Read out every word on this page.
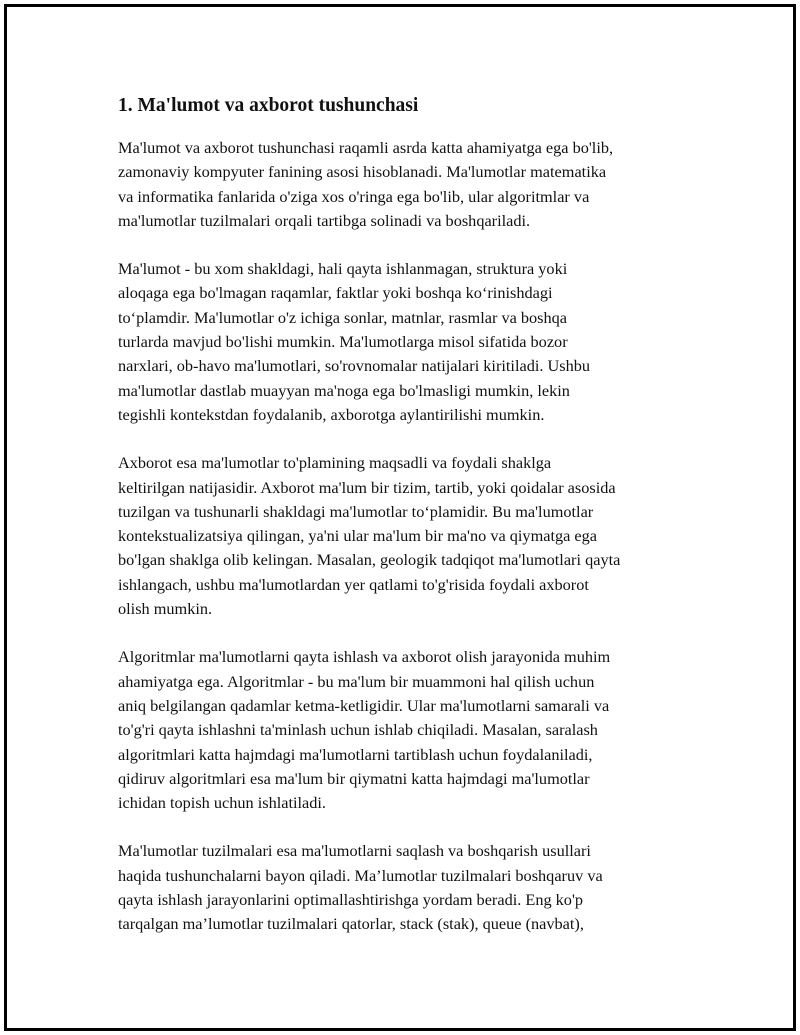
1. Ma'lumot va axborot tushunchasi

Ma'lumot va axborot tushunchasi raqamli asrda katta ahamiyatga ega bo'lib,
zamonaviy kompyuter fanining asosi hisoblanadi. Ma'lumotlar matematika
va informatika fanlarida o'ziga xos o'ringa ega bo'lib, ular algoritmlar va
ma'lumotlar tuzilmalari orqali tartibga solinadi va boshqariladi.

Ma'lumot - bu xom shakldagi, hali qayta ishlanmagan, struktura yoki
aloqaga ega bo'lmagan raqamlar, faktlar yoki boshqa ko‘rinishdagi
to‘plamdir. Ma'lumotlar o'z ichiga sonlar, matnlar, rasmlar va boshqa
turlarda mavjud bo'lishi mumkin. Ma'lumotlarga misol sifatida bozor
narxlari, ob-havo ma'lumotlari, so'rovnomalar natijalari kiritiladi. Ushbu
ma'lumotlar dastlab muayyan ma'noga ega bo'lmasligi mumkin, lekin
tegishli kontekstdan foydalanib, axborotga aylantirilishi mumkin.

Axborot esa ma'lumotlar to'plamining maqsadli va foydali shaklga
keltirilgan natijasidir. Axborot ma'lum bir tizim, tartib, yoki qoidalar asosida
tuzilgan va tushunarli shakldagi ma'lumotlar to‘plamidir. Bu ma'lumotlar
kontekstualizatsiya qilingan, ya'ni ular ma'lum bir ma'no va qiymatga ega
bo'lgan shaklga olib kelingan. Masalan, geologik tadqiqot ma'lumotlari qayta
ishlangach, ushbu ma'lumotlardan yer qatlami to'g'risida foydali axborot
olish mumkin.

Algoritmlar ma'lumotlarni qayta ishlash va axborot olish jarayonida muhim
ahamiyatga ega. Algoritmlar - bu ma'lum bir muammoni hal qilish uchun
aniq belgilangan qadamlar ketma-ketligidir. Ular ma'lumotlarni samarali va
to'g'ri qayta ishlashni ta'minlash uchun ishlab chiqiladi. Masalan, saralash
algoritmlari katta hajmdagi ma'lumotlarni tartiblash uchun foydalaniladi,
qidiruv algoritmlari esa ma'lum bir qiymatni katta hajmdagi ma'lumotlar
ichidan topish uchun ishlatiladi.

Ma'lumotlar tuzilmalari esa ma'lumotlarni saqlash va boshqarish usullari
haqida tushunchalarni bayon qiladi. Ma’lumotlar tuzilmalari boshqaruv va
qayta ishlash jarayonlarini optimallashtirishga yordam beradi. Eng ko'p
tarqalgan ma’lumotlar tuzilmalari qatorlar, stack (stak), queue (navbat),
